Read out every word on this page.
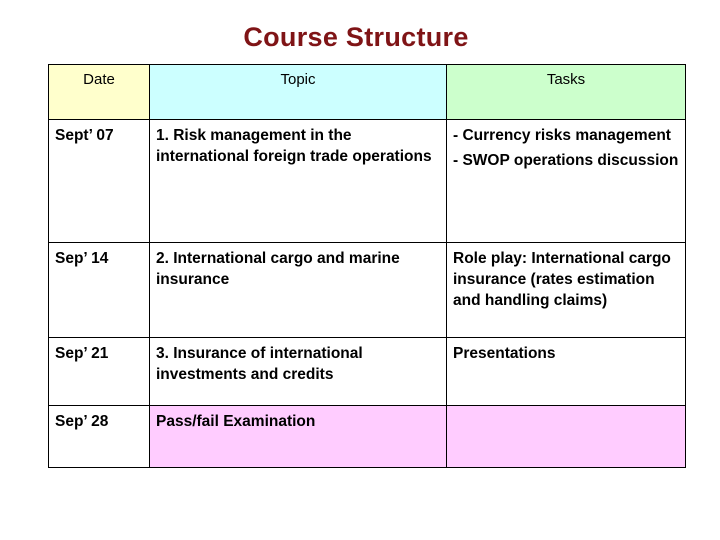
Course Structure
Date	Topic	Tasks
Sept’ 07	1. Risk management in the international foreign trade operations	- Currency risks management
- SWOP operations discussion

Sep’ 14	2. International cargo and marine insurance	Role play: International cargo insurance (rates estimation and handling claims)

Sep’ 21	3. Insurance of international investments and credits	Presentations

Sep’ 28	Pass/fail Examination	
